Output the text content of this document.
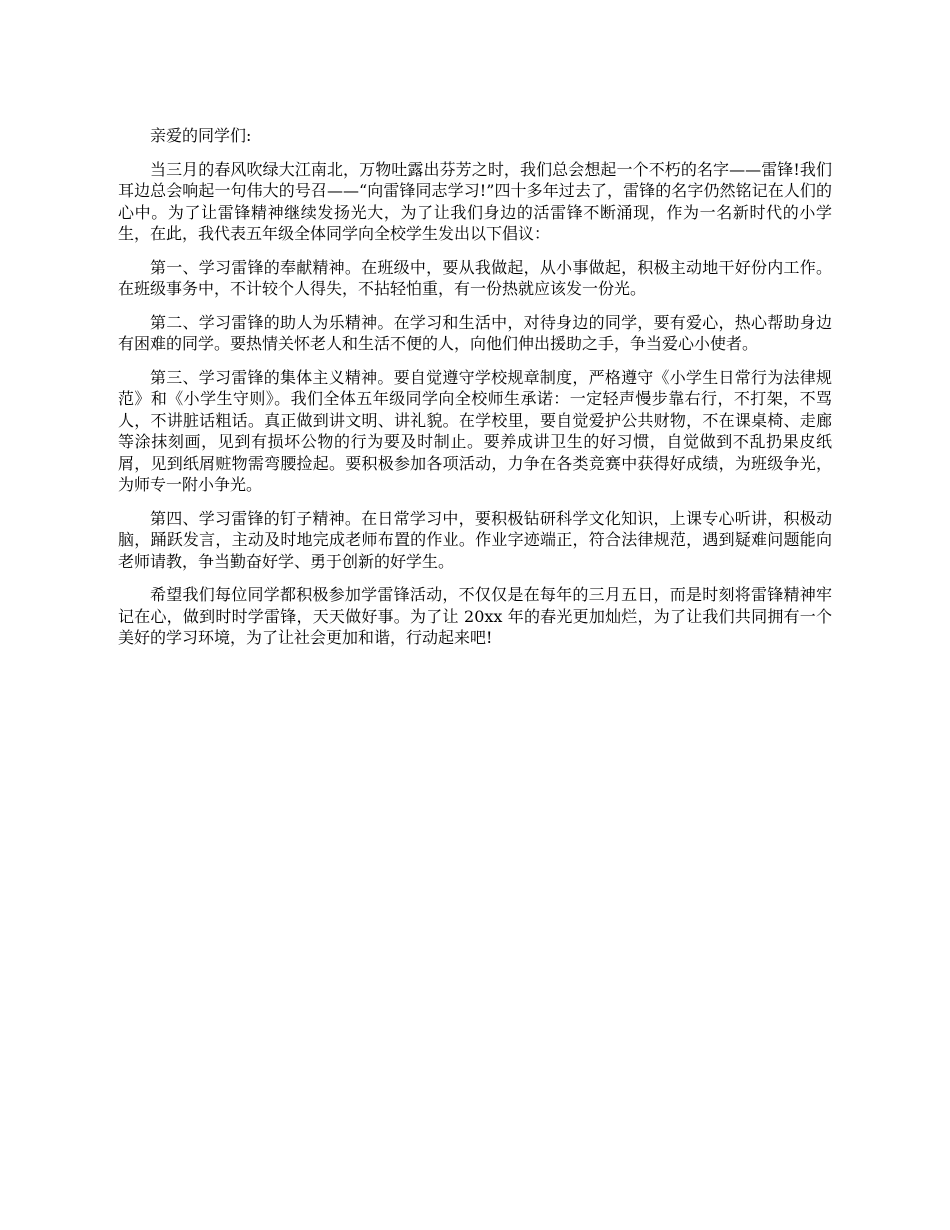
亲爱的同学们:

当三月的春风吹绿大江南北，万物吐露出芬芳之时，我们总会想起一个不朽的名字——雷锋!我们耳边总会响起一句伟大的号召——“向雷锋同志学习!”四十多年过去了，雷锋的名字仍然铭记在人们的心中。为了让雷锋精神继续发扬光大，为了让我们身边的活雷锋不断涌现，作为一名新时代的小学生，在此，我代表五年级全体同学向全校学生发出以下倡议：

第一、学习雷锋的奉献精神。在班级中，要从我做起，从小事做起，积极主动地干好份内工作。在班级事务中，不计较个人得失，不拈轻怕重，有一份热就应该发一份光。

第二、学习雷锋的助人为乐精神。在学习和生活中，对待身边的同学，要有爱心，热心帮助身边有困难的同学。要热情关怀老人和生活不便的人，向他们伸出援助之手，争当爱心小使者。

第三、学习雷锋的集体主义精神。要自觉遵守学校规章制度，严格遵守《小学生日常行为法律规范》和《小学生守则》。我们全体五年级同学向全校师生承诺：一定轻声慢步靠右行，不打架，不骂人，不讲脏话粗话。真正做到讲文明、讲礼貌。在学校里，要自觉爱护公共财物，不在课桌椅、走廊等涂抹刻画，见到有损坏公物的行为要及时制止。要养成讲卫生的好习惯，自觉做到不乱扔果皮纸屑，见到纸屑赃物需弯腰捡起。要积极参加各项活动，力争在各类竞赛中获得好成绩，为班级争光，为师专一附小争光。

第四、学习雷锋的钉子精神。在日常学习中，要积极钻研科学文化知识，上课专心听讲，积极动脑，踊跃发言，主动及时地完成老师布置的作业。作业字迹端正，符合法律规范，遇到疑难问题能向老师请教，争当勤奋好学、勇于创新的好学生。

希望我们每位同学都积极参加学雷锋活动，不仅仅是在每年的三月五日，而是时刻将雷锋精神牢记在心，做到时时学雷锋，天天做好事。为了让 20xx 年的春光更加灿烂，为了让我们共同拥有一个美好的学习环境，为了让社会更加和谐，行动起来吧!
